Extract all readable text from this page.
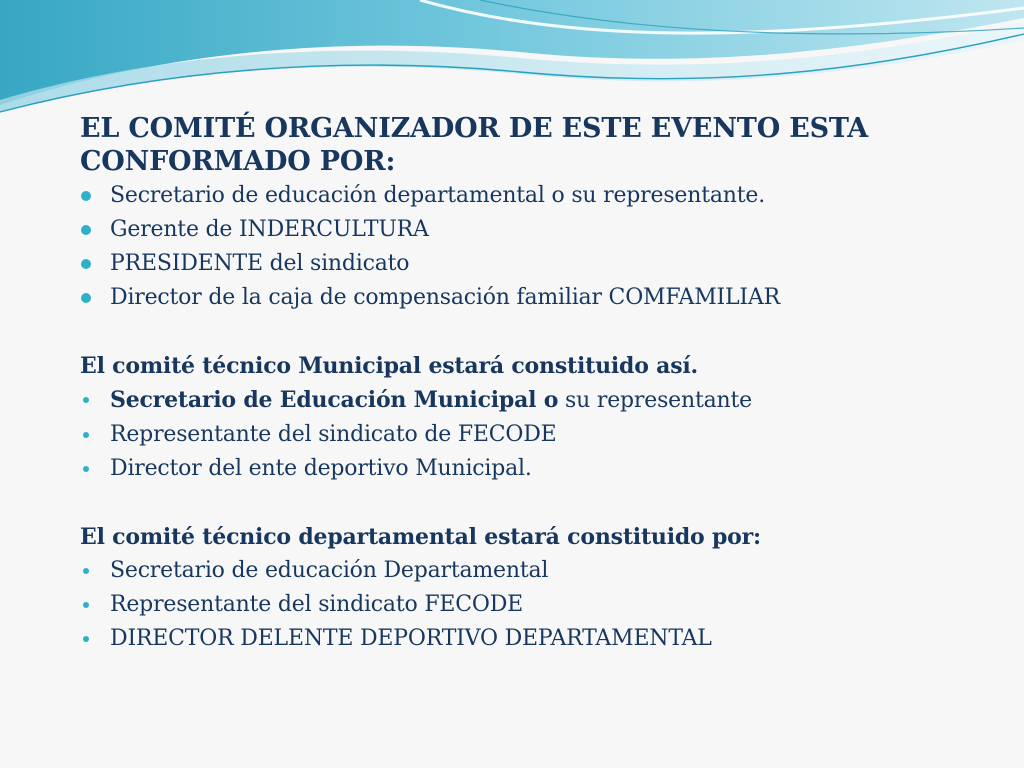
EL COMITÉ ORGANIZADOR DE ESTE EVENTO ESTA CONFORMADO POR:

Secretario de educación departamental o su representante.
Gerente de INDERCULTURA
PRESIDENTE del sindicato
Director de la caja de compensación familiar COMFAMILIAR

El comité técnico Municipal estará constituido así.

Secretario de Educación Municipal o su representante
Representante del sindicato de FECODE
Director del ente deportivo Municipal.

El comité técnico departamental estará constituido por:

Secretario de educación Departamental
Representante del sindicato FECODE
DIRECTOR DELENTE DEPORTIVO DEPARTAMENTAL
